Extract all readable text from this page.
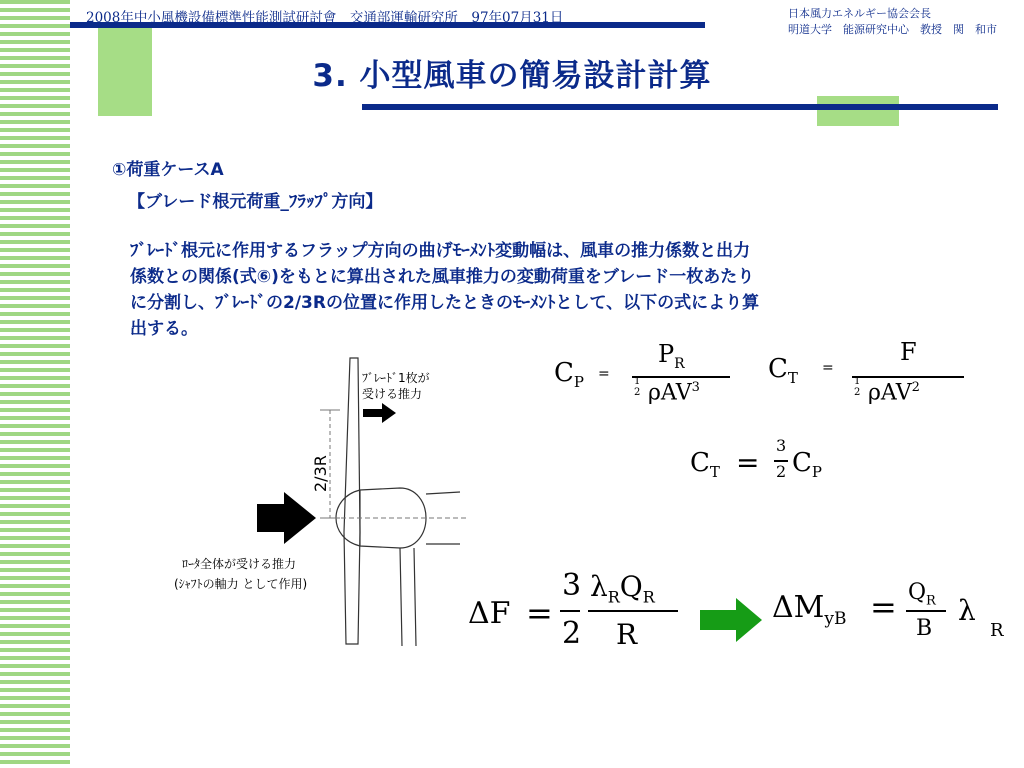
2008年中小風機設備標準性能測試研討會　交通部運輸研究所　97年07月31日	日本風力エネルギー協会会長
明道大学　能源研究中心　教授　関　和市
3. 小型風車の簡易設計計算
①荷重ケースA
【ブレード根元荷重_ﾌﾗｯﾌﾟ方向】
ﾌﾞﾚｰﾄﾞ根元に作用するフラップ方向の曲げﾓｰﾒﾝﾄ変動幅は、風車の推力係数と出力
係数との関係(式⑥)をもとに算出された風車推力の変動荷重をブレード一枚あたり
に分割し、ﾌﾞﾚｰﾄﾞの2/3Rの位置に作用したときのﾓｰﾒﾝﾄとして、以下の式により算
出する。
2/3R
ﾌﾞﾚｰﾄﾞ1枚が
受ける推力
ﾛｰﾀ全体が受ける推力
(ｼｬﾌﾄの軸力 として作用)
$C_P$ =
$P_R$
1
2 ρAV$^3$
$C_T$
=
F
1
2 ρAV$^2$
$C_T$ =
3
2 $C_P$
ΔF =
3
2
$\lambda_RQ_R$
R
$\Delta M_{yB} = Q_R$
B
λ
R
